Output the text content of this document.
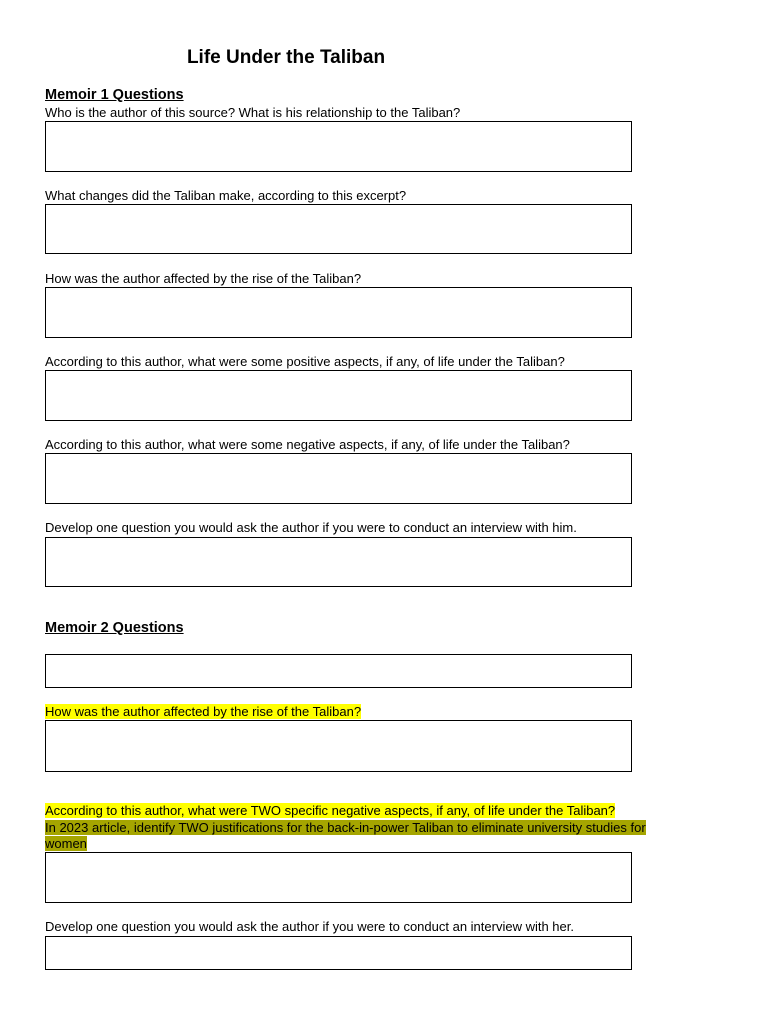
Life Under the Taliban
Memoir 1 Questions
Who is the author of this source? What is his relationship to the Taliban?
What changes did the Taliban make, according to this excerpt?
How was the author affected by the rise of the Taliban?
According to this author, what were some positive aspects, if any, of life under the Taliban?
According to this author, what were some negative aspects, if any, of life under the Taliban?
Develop one question you would ask the author if you were to conduct an interview with him.
Memoir 2 Questions
How was the author affected by the rise of the Taliban?
According to this author, what were TWO specific negative aspects, if any, of life under the Taliban?
In 2023 article, identify TWO justifications for the back-in-power Taliban to eliminate university studies for women
Develop one question you would ask the author if you were to conduct an interview with her.
